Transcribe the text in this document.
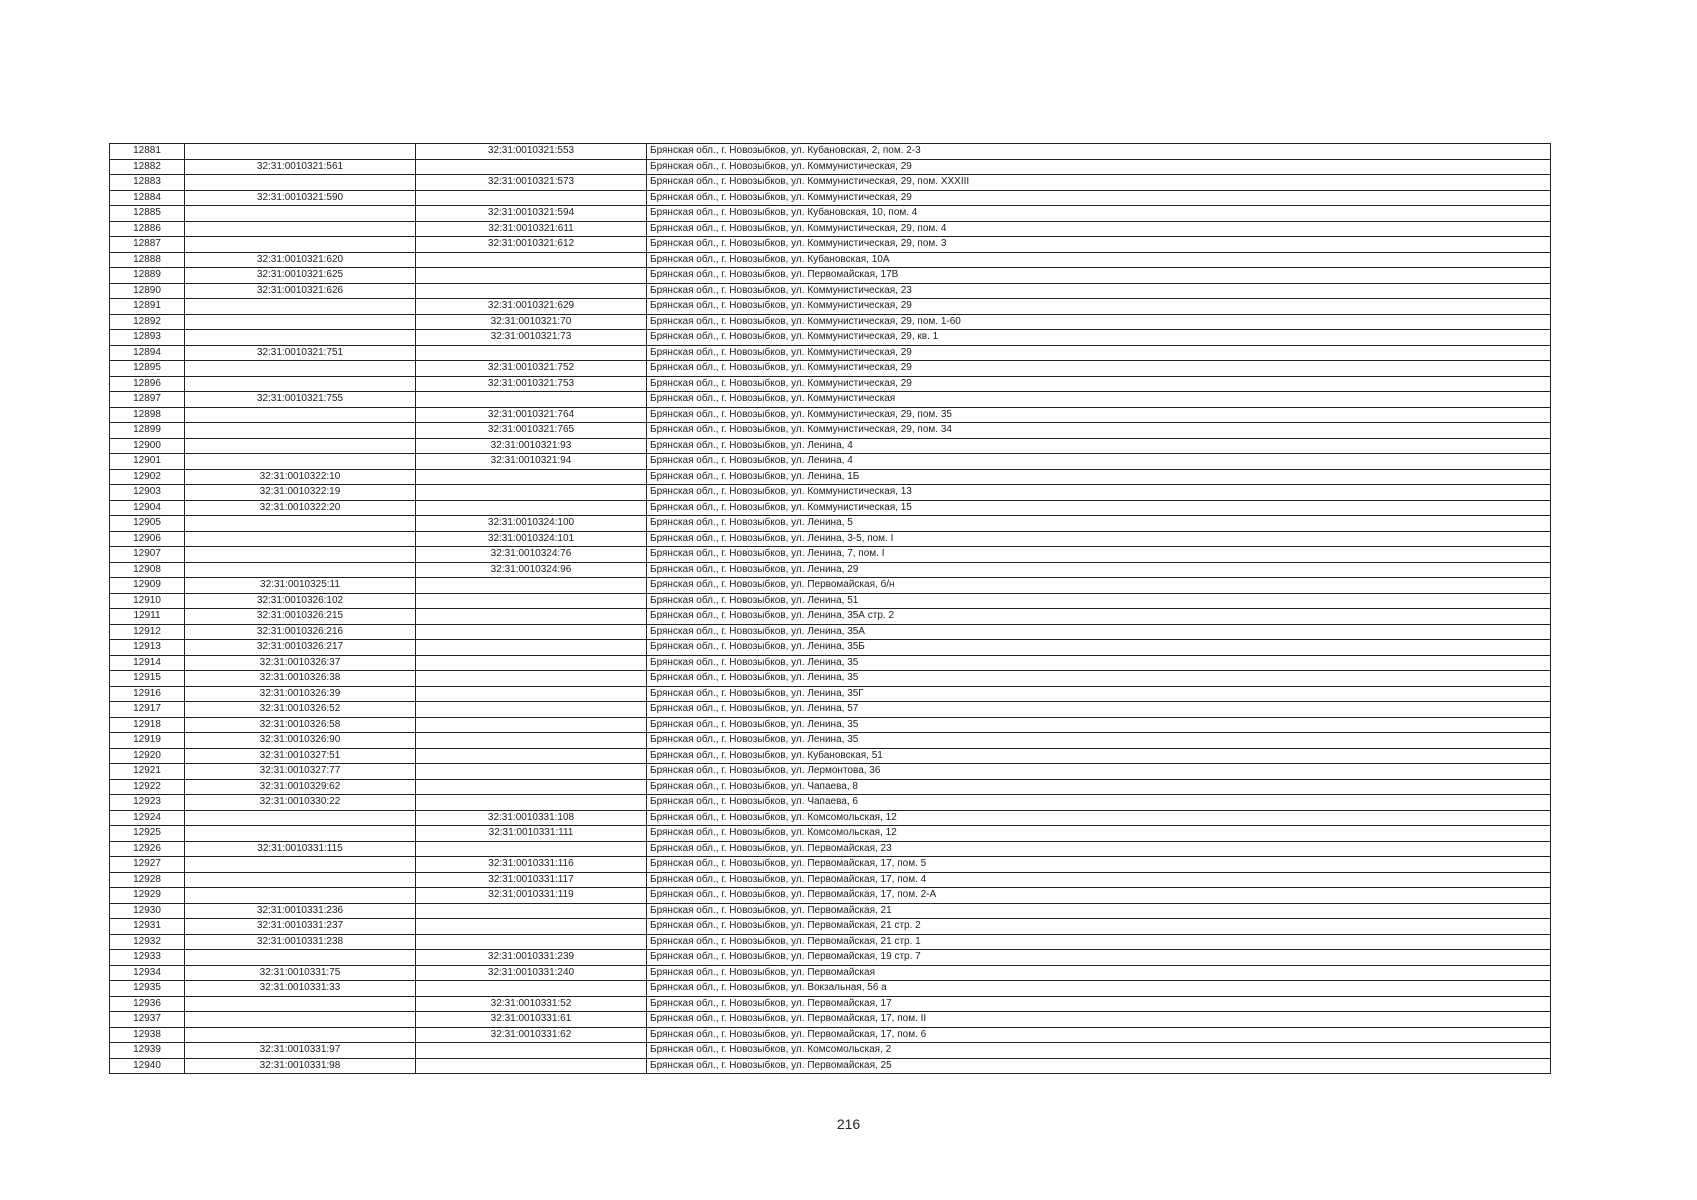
12881		32:31:0010321:553	Брянская обл., г. Новозыбков, ул. Кубановская, 2, пом. 2-3
12882	32:31:0010321:561		Брянская обл., г. Новозыбков, ул. Коммунистическая, 29
12883		32:31:0010321:573	Брянская обл., г. Новозыбков, ул. Коммунистическая, 29, пом. XXXIII
12884	32:31:0010321:590		Брянская обл., г. Новозыбков, ул. Коммунистическая, 29
12885		32:31:0010321:594	Брянская обл., г. Новозыбков, ул. Кубановская, 10, пом. 4
12886		32:31:0010321:611	Брянская обл., г. Новозыбков, ул. Коммунистическая, 29, пом. 4
12887		32:31:0010321:612	Брянская обл., г. Новозыбков, ул. Коммунистическая, 29, пом. 3
12888	32:31:0010321:620		Брянская обл., г. Новозыбков, ул. Кубановская, 10А
12889	32:31:0010321:625		Брянская обл., г. Новозыбков, ул. Первомайская, 17В
12890	32:31:0010321:626		Брянская обл., г. Новозыбков, ул. Коммунистическая, 23
12891		32:31:0010321:629	Брянская обл., г. Новозыбков, ул. Коммунистическая, 29
12892		32:31:0010321:70	Брянская обл., г. Новозыбков, ул. Коммунистическая, 29, пом. 1-60
12893		32:31:0010321:73	Брянская обл., г. Новозыбков, ул. Коммунистическая, 29, кв. 1
12894	32:31:0010321:751		Брянская обл., г. Новозыбков, ул. Коммунистическая, 29
12895		32:31:0010321:752	Брянская обл., г. Новозыбков, ул. Коммунистическая, 29
12896		32:31:0010321:753	Брянская обл., г. Новозыбков, ул. Коммунистическая, 29
12897	32:31:0010321:755		Брянская обл., г. Новозыбков, ул. Коммунистическая
12898		32:31:0010321:764	Брянская обл., г. Новозыбков, ул. Коммунистическая, 29, пом. 35
12899		32:31:0010321:765	Брянская обл., г. Новозыбков, ул. Коммунистическая, 29, пом. 34
12900		32:31:0010321:93	Брянская обл., г. Новозыбков, ул. Ленина, 4
12901		32:31:0010321:94	Брянская обл., г. Новозыбков, ул. Ленина, 4
12902	32:31:0010322:10		Брянская обл., г. Новозыбков, ул. Ленина, 1Б
12903	32:31:0010322:19		Брянская обл., г. Новозыбков, ул. Коммунистическая, 13
12904	32:31:0010322:20		Брянская обл., г. Новозыбков, ул. Коммунистическая, 15
12905		32:31:0010324:100	Брянская обл., г. Новозыбков, ул. Ленина, 5
12906		32:31:0010324:101	Брянская обл., г. Новозыбков, ул. Ленина, 3-5, пом. I
12907		32:31:0010324:76	Брянская обл., г. Новозыбков, ул. Ленина, 7, пом. I
12908		32:31:0010324:96	Брянская обл., г. Новозыбков, ул. Ленина, 29
12909	32:31:0010325:11		Брянская обл., г. Новозыбков, ул. Первомайская, б/н
12910	32:31:0010326:102		Брянская обл., г. Новозыбков, ул. Ленина, 51
12911	32:31:0010326:215		Брянская обл., г. Новозыбков, ул. Ленина, 35А стр. 2
12912	32:31:0010326:216		Брянская обл., г. Новозыбков, ул. Ленина, 35А
12913	32:31:0010326:217		Брянская обл., г. Новозыбков, ул. Ленина, 35Б
12914	32:31:0010326:37		Брянская обл., г. Новозыбков, ул. Ленина, 35
12915	32:31:0010326:38		Брянская обл., г. Новозыбков, ул. Ленина, 35
12916	32:31:0010326:39		Брянская обл., г. Новозыбков, ул. Ленина, 35Г
12917	32:31:0010326:52		Брянская обл., г. Новозыбков, ул. Ленина, 57
12918	32:31:0010326:58		Брянская обл., г. Новозыбков, ул. Ленина, 35
12919	32:31:0010326:90		Брянская обл., г. Новозыбков, ул. Ленина, 35
12920	32:31:0010327:51		Брянская обл., г. Новозыбков, ул. Кубановская, 51
12921	32:31:0010327:77		Брянская обл., г. Новозыбков, ул. Лермонтова, 36
12922	32:31:0010329:62		Брянская обл., г. Новозыбков, ул. Чапаева, 8
12923	32:31:0010330:22		Брянская обл., г. Новозыбков, ул. Чапаева, 6
12924		32:31:0010331:108	Брянская обл., г. Новозыбков, ул. Комсомольская, 12
12925		32:31:0010331:111	Брянская обл., г. Новозыбков, ул. Комсомольская, 12
12926	32:31:0010331:115		Брянская обл., г. Новозыбков, ул. Первомайская, 23
12927		32:31:0010331:116	Брянская обл., г. Новозыбков, ул. Первомайская, 17, пом. 5
12928		32:31:0010331:117	Брянская обл., г. Новозыбков, ул. Первомайская, 17, пом. 4
12929		32:31:0010331:119	Брянская обл., г. Новозыбков, ул. Первомайская, 17, пом. 2-А
12930	32:31:0010331:236		Брянская обл., г. Новозыбков, ул. Первомайская, 21
12931	32:31:0010331:237		Брянская обл., г. Новозыбков, ул. Первомайская, 21 стр. 2
12932	32:31:0010331:238		Брянская обл., г. Новозыбков, ул. Первомайская, 21 стр. 1
12933		32:31:0010331:239	Брянская обл., г. Новозыбков, ул. Первомайская, 19 стр. 7
12934	32:31:0010331:75	32:31:0010331:240	Брянская обл., г. Новозыбков, ул. Первомайская
12935	32:31:0010331:33		Брянская обл., г. Новозыбков, ул. Вокзальная, 56 а
12936		32:31:0010331:52	Брянская обл., г. Новозыбков, ул. Первомайская, 17
12937		32:31:0010331:61	Брянская обл., г. Новозыбков, ул. Первомайская, 17, пом. II
12938		32:31:0010331:62	Брянская обл., г. Новозыбков, ул. Первомайская, 17, пом. 6
12939	32:31:0010331:97		Брянская обл., г. Новозыбков, ул. Комсомольская, 2
12940	32:31:0010331:98		Брянская обл., г. Новозыбков, ул. Первомайская, 25
216
